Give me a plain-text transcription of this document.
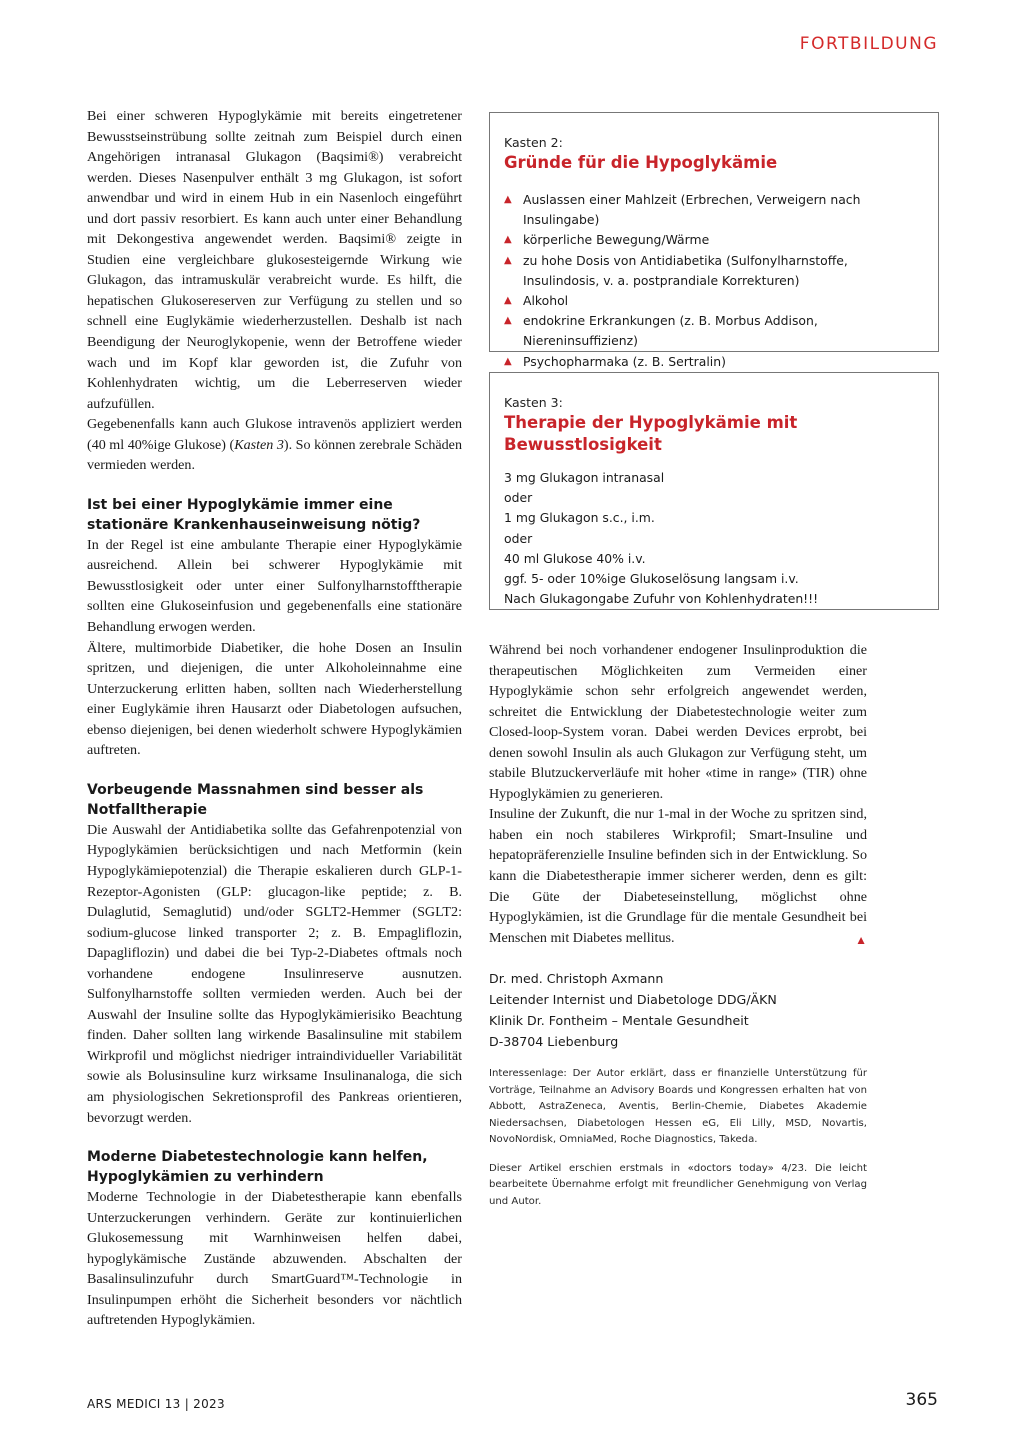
FORTBILDUNG

Bei einer schweren Hypoglykämie mit bereits eingetretener Bewusstseinstrübung sollte zeitnah zum Beispiel durch einen Angehörigen intranasal Glukagon (Baqsimi®) verabreicht werden. Dieses Nasenpulver enthält 3 mg Glukagon, ist sofort anwendbar und wird in einem Hub in ein Nasenloch eingeführt und dort passiv resorbiert. Es kann auch unter einer Behandlung mit Dekongestiva angewendet werden. Baqsimi® zeigte in Studien eine vergleichbare glukosesteigernde Wirkung wie Glukagon, das intramuskulär verabreicht wurde. Es hilft, die hepatischen Glukosereserven zur Verfügung zu stellen und so schnell eine Euglykämie wiederherzustellen. Deshalb ist nach Beendigung der Neuroglykopenie, wenn der Betroffene wieder wach und im Kopf klar geworden ist, die Zufuhr von Kohlenhydraten wichtig, um die Leberreserven wieder aufzufüllen.

Gegebenenfalls kann auch Glukose intravenös appliziert werden (40 ml 40%ige Glukose) (Kasten 3). So können zerebrale Schäden vermieden werden.

Ist bei einer Hypoglykämie immer eine stationäre Krankenhauseinweisung nötig?

In der Regel ist eine ambulante Therapie einer Hypoglykämie ausreichend. Allein bei schwerer Hypoglykämie mit Bewusstlosigkeit oder unter einer Sulfonylharnstofftherapie sollten eine Glukoseinfusion und gegebenenfalls eine stationäre Behandlung erwogen werden.

Ältere, multimorbide Diabetiker, die hohe Dosen an Insulin spritzen, und diejenigen, die unter Alkoholeinnahme eine Unterzuckerung erlitten haben, sollten nach Wiederherstellung einer Euglykämie ihren Hausarzt oder Diabetologen aufsuchen, ebenso diejenigen, bei denen wiederholt schwere Hypoglykämien auftreten.

Vorbeugende Massnahmen sind besser als Notfalltherapie

Die Auswahl der Antidiabetika sollte das Gefahrenpotenzial von Hypoglykämien berücksichtigen und nach Metformin (kein Hypoglykämiepotenzial) die Therapie eskalieren durch GLP-1-Rezeptor-Agonisten (GLP: glucagon-like peptide; z. B. Dulaglutid, Semaglutid) und/oder SGLT2-Hemmer (SGLT2: sodium-glucose linked transporter 2; z. B. Empagliflozin, Dapagliflozin) und dabei die bei Typ-2-Diabetes oftmals noch vorhandene endogene Insulinreserve ausnutzen. Sulfonylharnstoffe sollten vermieden werden. Auch bei der Auswahl der Insuline sollte das Hypoglykämierisiko Beachtung finden. Daher sollten lang wirkende Basalinsuline mit stabilem Wirkprofil und möglichst niedriger intraindividueller Variabilität sowie als Bolusinsuline kurz wirksame Insulinanaloga, die sich am physiologischen Sekretionsprofil des Pankreas orientieren, bevorzugt werden.

Moderne Diabetestechnologie kann helfen, Hypoglykämien zu verhindern

Moderne Technologie in der Diabetestherapie kann ebenfalls Unterzuckerungen verhindern. Geräte zur kontinuierlichen Glukosemessung mit Warnhinweisen helfen dabei, hypoglykämische Zustände abzuwenden. Abschalten der Basalinsulinzufuhr durch SmartGuard™-Technologie in Insulinpumpen erhöht die Sicherheit besonders vor nächtlich auftretenden Hypoglykämien.

Kasten 2:
Gründe für die Hypoglykämie
▲ Auslassen einer Mahlzeit (Erbrechen, Verweigern nach Insulingabe)
▲ körperliche Bewegung/Wärme
▲ zu hohe Dosis von Antidiabetika (Sulfonylharnstoffe, Insulindosis, v. a. postprandiale Korrekturen)
▲ Alkohol
▲ endokrine Erkrankungen (z. B. Morbus Addison, Niereninsuffizienz)
▲ Psychopharmaka (z. B. Sertralin)
Kasten 3:
Therapie der Hypoglykämie mit Bewusstlosigkeit
3 mg Glukagon intranasal
oder
1 mg Glukagon s.c., i.m.
oder
40 ml Glukose 40% i.v.
ggf. 5- oder 10%ige Glukoselösung langsam i.v.
Nach Glukagongabe Zufuhr von Kohlenhydraten!!!

Während bei noch vorhandener endogener Insulinproduktion die therapeutischen Möglichkeiten zum Vermeiden einer Hypoglykämie schon sehr erfolgreich angewendet werden, schreitet die Entwicklung der Diabetestechnologie weiter zum Closed-loop-System voran. Dabei werden Devices erprobt, bei denen sowohl Insulin als auch Glukagon zur Verfügung steht, um stabile Blutzuckerverläufe mit hoher «time in range» (TIR) ohne Hypoglykämien zu generieren.

Insuline der Zukunft, die nur 1-mal in der Woche zu spritzen sind, haben ein noch stabileres Wirkprofil; Smart-Insuline und hepatopräferenzielle Insuline befinden sich in der Entwicklung. So kann die Diabetestherapie immer sicherer werden, denn es gilt: Die Güte der Diabeteseinstellung, möglichst ohne Hypoglykämien, ist die Grundlage für die mentale Gesundheit bei Menschen mit Diabetes mellitus.	▲

Dr. med. Christoph Axmann
Leitender Internist und Diabetologe DDG/ÄKN
Klinik Dr. Fontheim – Mentale Gesundheit
D-38704 Liebenburg

Interessenlage: Der Autor erklärt, dass er finanzielle Unterstützung für Vorträge, Teilnahme an Advisory Boards und Kongressen erhalten hat von Abbott, AstraZeneca, Aventis, Berlin-Chemie, Diabetes Akademie Niedersachsen, Diabetologen Hessen eG, Eli Lilly, MSD, Novartis, NovoNordisk, OmniaMed, Roche Diagnostics, Takeda.

Dieser Artikel erschien erstmals in «doctors today» 4/23. Die leicht bearbeitete Übernahme erfolgt mit freundlicher Genehmigung von Verlag und Autor.

ARS MEDICI 13 | 2023	365
